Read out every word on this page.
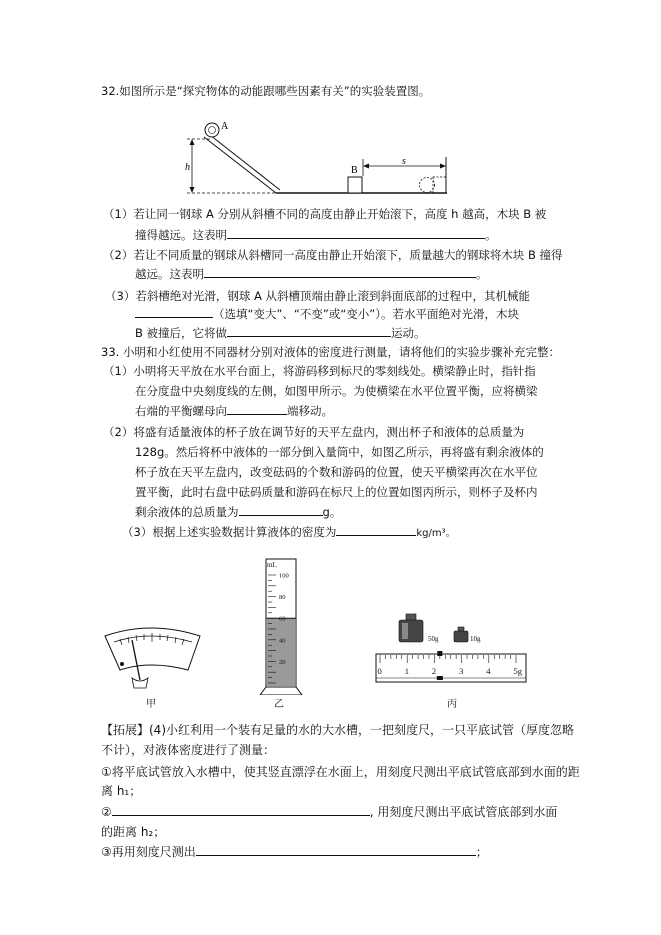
32.如图所示是“探究物体的动能跟哪些因素有关”的实验装置图。
h
A
B
s
（1）若让同一钢球 A 分别从斜槽不同的高度由静止开始滚下，高度 h 越高，木块 B 被
撞得越远。这表明	。
（2）若让不同质量的钢球从斜槽同一高度由静止开始滚下，质量越大的钢球将木块 B 撞得
越远。这表明	。
（3）若斜槽绝对光滑，钢球 A 从斜槽顶端由静止滚到斜面底部的过程中，其机械能
（选填“变大”、“不变”或“变小”）。若水平面绝对光滑，木块
B 被撞后，它将做	运动。
33. 小明和小红使用不同器材分别对液体的密度进行测量，请将他们的实验步骤补充完整：
（1）小明将天平放在水平台面上，将游码移到标尺的零刻线处。横梁静止时，指针指
在分度盘中央刻度线的左侧，如图甲所示。为使横梁在水平位置平衡，应将横梁
右端的平衡螺母向	端移动。
（2）将盛有适量液体的杯子放在调节好的天平左盘内，测出杯子和液体的总质量为
128g。然后将杯中液体的一部分倒入量筒中，如图乙所示，再将盛有剩余液体的
杯子放在天平左盘内，改变砝码的个数和游码的位置，使天平横梁再次在水平位
置平衡，此时右盘中砝码质量和游码在标尺上的位置如图丙所示，则杯子及杯内
剩余液体的总质量为	g。
（3）根据上述实验数据计算液体的密度为	kg/m³。
mL
100
80
60
40
20
50g	10g
0	1	2	3	4	5g
甲	乙	丙
【拓展】(4)小红利用一个装有足量的水的大水槽，一把刻度尺，一只平底试管（厚度忽略
不计），对液体密度进行了测量：
①将平底试管放入水槽中，使其竖直漂浮在水面上，用刻度尺测出平底试管底部到水面的距
离 h₁；
②	, 用刻度尺测出平底试管底部到水面
的距离 h₂；
③再用刻度尺测出	；
